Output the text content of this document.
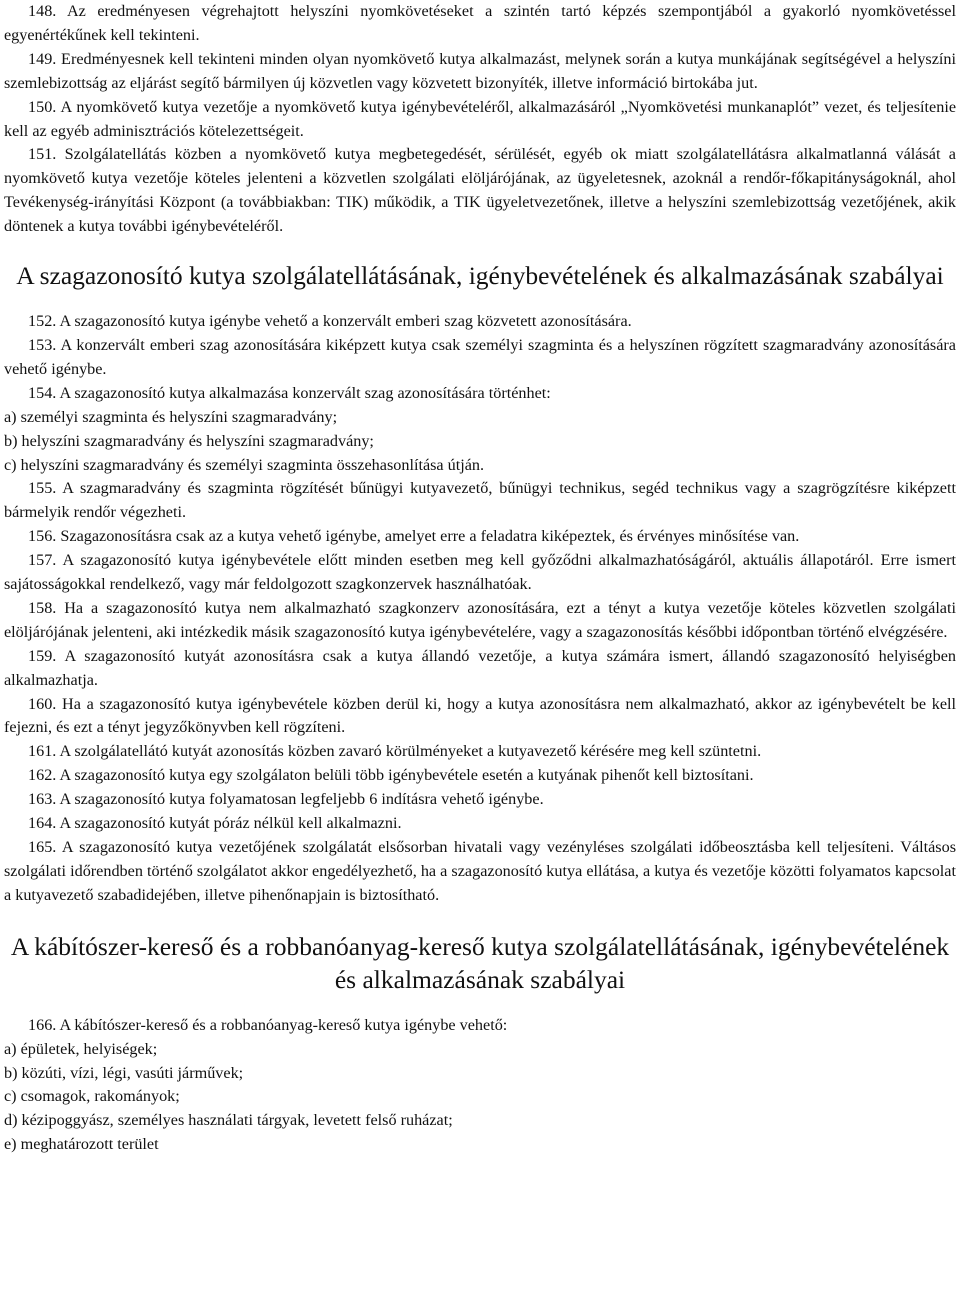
148. Az eredményesen végrehajtott helyszíni nyomkövetéseket a szintén tartó képzés szempontjából a gyakorló nyomkövetéssel egyenértékűnek kell tekinteni.

149. Eredményesnek kell tekinteni minden olyan nyomkövető kutya alkalmazást, melynek során a kutya munkájának segítségével a helyszíni szemlebizottság az eljárást segítő bármilyen új közvetlen vagy közvetett bizonyíték, illetve információ birtokába jut.

150. A nyomkövető kutya vezetője a nyomkövető kutya igénybevételéről, alkalmazásáról „Nyomkövetési munkanaplót” vezet, és teljesítenie kell az egyéb adminisztrációs kötelezettségeit.

151. Szolgálatellátás közben a nyomkövető kutya megbetegedését, sérülését, egyéb ok miatt szolgálatellátásra alkalmatlanná válását a nyomkövető kutya vezetője köteles jelenteni a közvetlen szolgálati elöljárójának, az ügyeletesnek, azoknál a rendőr-főkapitányságoknál, ahol Tevékenység-irányítási Központ (a továbbiakban: TIK) működik, a TIK ügyeletvezetőnek, illetve a helyszíni szemlebizottság vezetőjének, akik döntenek a kutya további igénybevételéről.

A szagazonosító kutya szolgálatellátásának, igénybevételének és alkalmazásának szabályai

152. A szagazonosító kutya igénybe vehető a konzervált emberi szag közvetett azonosítására.

153. A konzervált emberi szag azonosítására kiképzett kutya csak személyi szagminta és a helyszínen rögzített szagmaradvány azonosítására vehető igénybe.

154. A szagazonosító kutya alkalmazása konzervált szag azonosítására történhet:

a) személyi szagminta és helyszíni szagmaradvány;

b) helyszíni szagmaradvány és helyszíni szagmaradvány;

c) helyszíni szagmaradvány és személyi szagminta összehasonlítása útján.

155. A szagmaradvány és szagminta rögzítését bűnügyi kutyavezető, bűnügyi technikus, segéd technikus vagy a szagrögzítésre kiképzett bármelyik rendőr végezheti.

156. Szagazonosításra csak az a kutya vehető igénybe, amelyet erre a feladatra kiképeztek, és érvényes minősítése van.

157. A szagazonosító kutya igénybevétele előtt minden esetben meg kell győződni alkalmazhatóságáról, aktuális állapotáról. Erre ismert sajátosságokkal rendelkező, vagy már feldolgozott szagkonzervek használhatóak.

158. Ha a szagazonosító kutya nem alkalmazható szagkonzerv azonosítására, ezt a tényt a kutya vezetője köteles közvetlen szolgálati elöljárójának jelenteni, aki intézkedik másik szagazonosító kutya igénybevételére, vagy a szagazonosítás későbbi időpontban történő elvégzésére.

159. A szagazonosító kutyát azonosításra csak a kutya állandó vezetője, a kutya számára ismert, állandó szagazonosító helyiségben alkalmazhatja.

160. Ha a szagazonosító kutya igénybevétele közben derül ki, hogy a kutya azonosításra nem alkalmazható, akkor az igénybevételt be kell fejezni, és ezt a tényt jegyzőkönyvben kell rögzíteni.

161. A szolgálatellátó kutyát azonosítás közben zavaró körülményeket a kutyavezető kérésére meg kell szüntetni.

162. A szagazonosító kutya egy szolgálaton belüli több igénybevétele esetén a kutyának pihenőt kell biztosítani.

163. A szagazonosító kutya folyamatosan legfeljebb 6 indításra vehető igénybe.

164. A szagazonosító kutyát póráz nélkül kell alkalmazni.

165. A szagazonosító kutya vezetőjének szolgálatát elsősorban hivatali vagy vezényléses szolgálati időbeosztásba kell teljesíteni. Váltásos szolgálati időrendben történő szolgálatot akkor engedélyezhető, ha a szagazonosító kutya ellátása, a kutya és vezetője közötti folyamatos kapcsolat a kutyavezető szabadidejében, illetve pihenőnapjain is biztosítható.

A kábítószer-kereső és a robbanóanyag-kereső kutya szolgálatellátásának, igénybevételének és alkalmazásának szabályai

166. A kábítószer-kereső és a robbanóanyag-kereső kutya igénybe vehető:

a) épületek, helyiségek;

b) közúti, vízi, légi, vasúti járművek;

c) csomagok, rakományok;

d) kézipoggyász, személyes használati tárgyak, levetett felső ruházat;

e) meghatározott terület
